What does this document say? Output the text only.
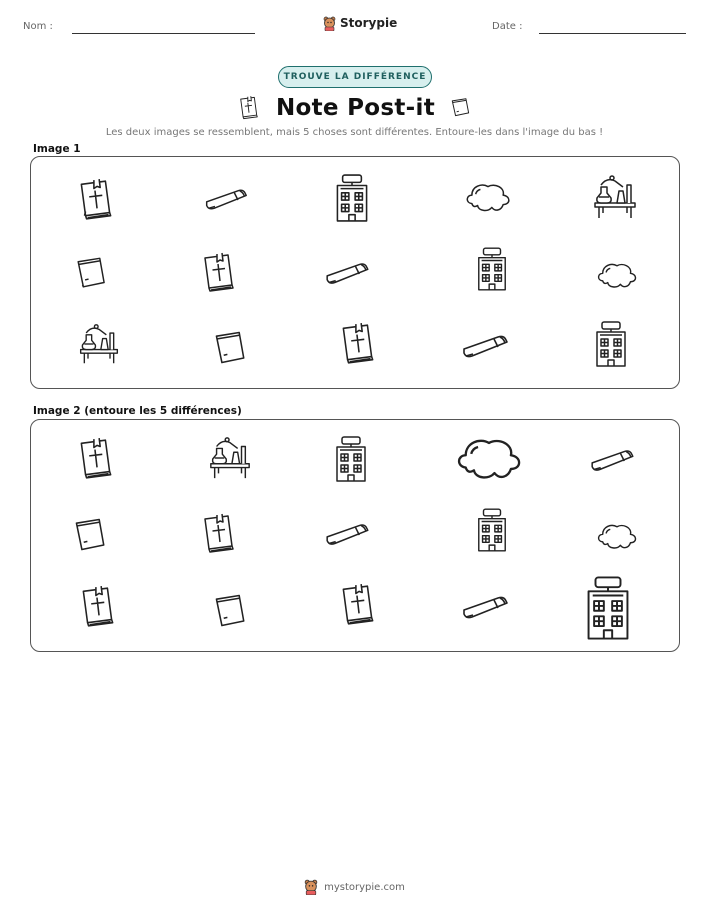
Nom :	Storypie	Date :
TROUVE LA DIFFÉRENCE
Note Post-it
Les deux images se ressemblent, mais 5 choses sont différentes. Entoure-les dans l'image du bas !
Image 1
Image 2 (entoure les 5 différences)
mystorypie.com
